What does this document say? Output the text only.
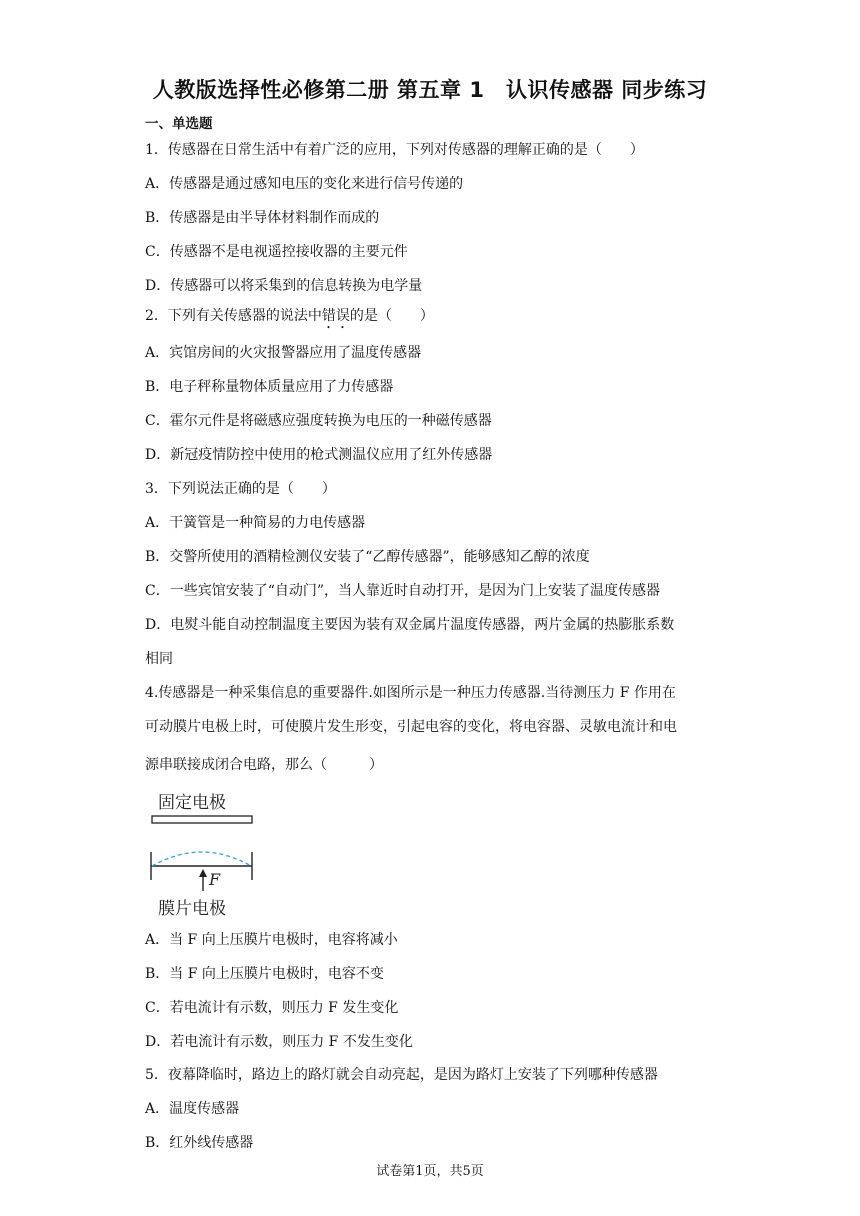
人教版选择性必修第二册 第五章 1　认识传感器 同步练习
一、单选题
1．传感器在日常生活中有着广泛的应用，下列对传感器的理解正确的是（　　）
A．传感器是通过感知电压的变化来进行信号传递的
B．传感器是由半导体材料制作而成的
C．传感器不是电视遥控接收器的主要元件
D．传感器可以将采集到的信息转换为电学量
2．下列有关传感器的说法中错误的是（　　）
A．宾馆房间的火灾报警器应用了温度传感器
B．电子秤称量物体质量应用了力传感器
C．霍尔元件是将磁感应强度转换为电压的一种磁传感器
D．新冠疫情防控中使用的枪式测温仪应用了红外传感器
3．下列说法正确的是（　　）
A．干簧管是一种简易的力电传感器
B．交警所使用的酒精检测仪安装了“乙醇传感器”，能够感知乙醇的浓度
C．一些宾馆安装了“自动门”，当人靠近时自动打开，是因为门上安装了温度传感器
D．电熨斗能自动控制温度主要因为装有双金属片温度传感器，两片金属的热膨胀系数
相同
4.传感器是一种采集信息的重要器件.如图所示是一种压力传感器.当待测压力 F 作用在
可动膜片电极上时，可使膜片发生形变，引起电容的变化，将电容器、灵敏电流计和电
源串联接成闭合电路，那么（　　　）
固定电极
F
膜片电极
A．当 F 向上压膜片电极时，电容将减小
B．当 F 向上压膜片电极时，电容不变
C．若电流计有示数，则压力 F 发生变化
D．若电流计有示数，则压力 F 不发生变化
5．夜幕降临时，路边上的路灯就会自动亮起，是因为路灯上安装了下列哪种传感器
A．温度传感器
B．红外线传感器
试卷第1页，共5页
